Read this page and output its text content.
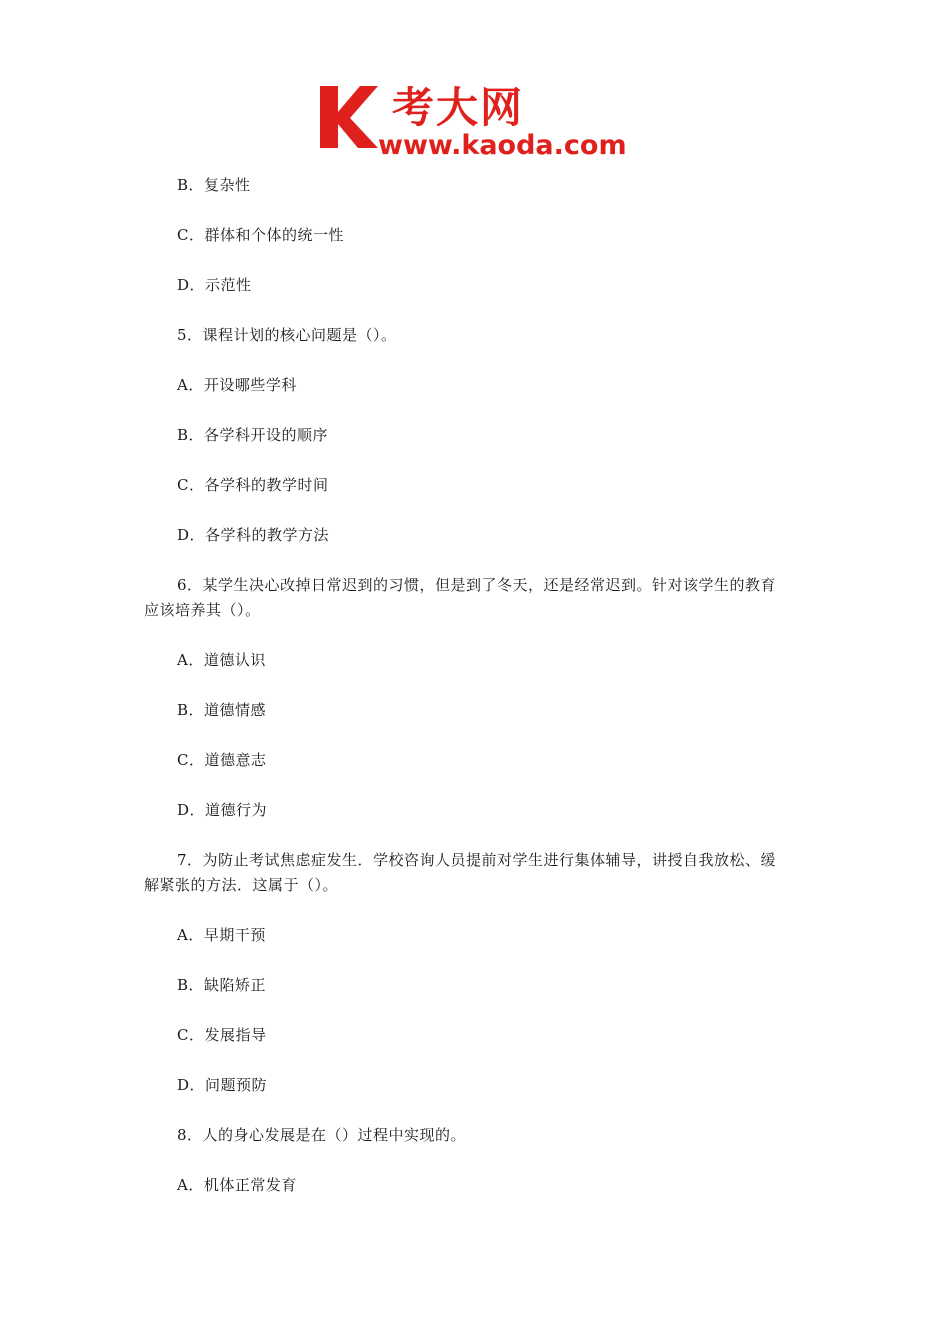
考大网
www.kaoda.com
B．复杂性
C．群体和个体的统一性
D．示范性
5．课程计划的核心问题是（）。
A．开设哪些学科
B．各学科开设的顺序
C．各学科的教学时间
D．各学科的教学方法
6．某学生决心改掉日常迟到的习惯，但是到了冬天，还是经常迟到。针对该学生的教育
应该培养其（）。
A．道德认识
B．道德情感
C．道德意志
D．道德行为
7．为防止考试焦虑症发生．学校咨询人员提前对学生进行集体辅导，讲授自我放松、缓
解紧张的方法．这属于（）。
A．早期干预
B．缺陷矫正
C．发展指导
D．问题预防
8．人的身心发展是在（）过程中实现的。
A．机体正常发育
